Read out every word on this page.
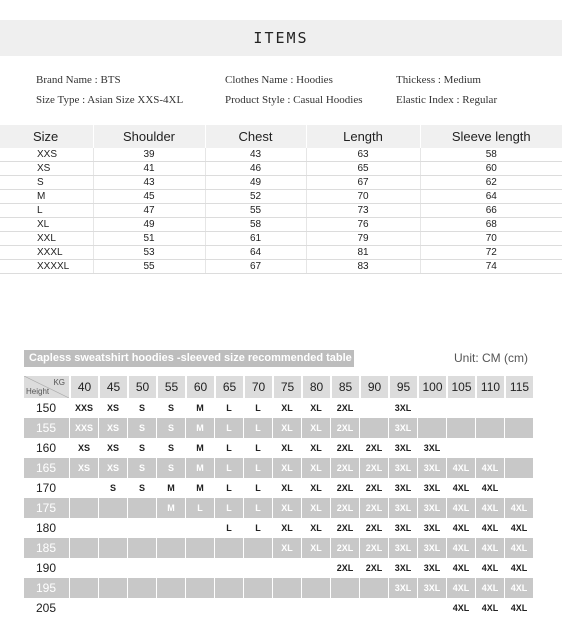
ITEMS
Brand Name : BTS	Clothes Name : Hoodies	Thickess : Medium
Size Type : Asian Size XXS-4XL	Product Style : Casual Hoodies	Elastic Index : Regular
Size	Shoulder	Chest	Length	Sleeve length
XXS	39	43	63	58
XS	41	46	65	60
S	43	49	67	62
M	45	52	70	64
L	47	55	73	66
XL	49	58	76	68
XXL	51	61	79	70
XXXL	53	64	81	72
XXXXL	55	67	83	74
Capless sweatshirt hoodies -sleeved size recommended table	Unit: CM (cm)
KG
Height	40	45	50	55	60	65	70	75	80	85	90	95	100	105	110	115
150	XXS	XS	S	S	M	L	L	XL	XL	2XL		3XL				
155	XXS	XS	S	S	M	L	L	XL	XL	2XL		3XL				
160	XS	XS	S	S	M	L	L	XL	XL	2XL	2XL	3XL	3XL			
165	XS	XS	S	S	M	L	L	XL	XL	2XL	2XL	3XL	3XL	4XL	4XL	
170		S	S	M	M	L	L	XL	XL	2XL	2XL	3XL	3XL	4XL	4XL	
175				M	L	L	L	XL	XL	2XL	2XL	3XL	3XL	4XL	4XL	4XL
180						L	L	XL	XL	2XL	2XL	3XL	3XL	4XL	4XL	4XL
185								XL	XL	2XL	2XL	3XL	3XL	4XL	4XL	4XL
190										2XL	2XL	3XL	3XL	4XL	4XL	4XL
195												3XL	3XL	4XL	4XL	4XL
205														4XL	4XL	4XL
